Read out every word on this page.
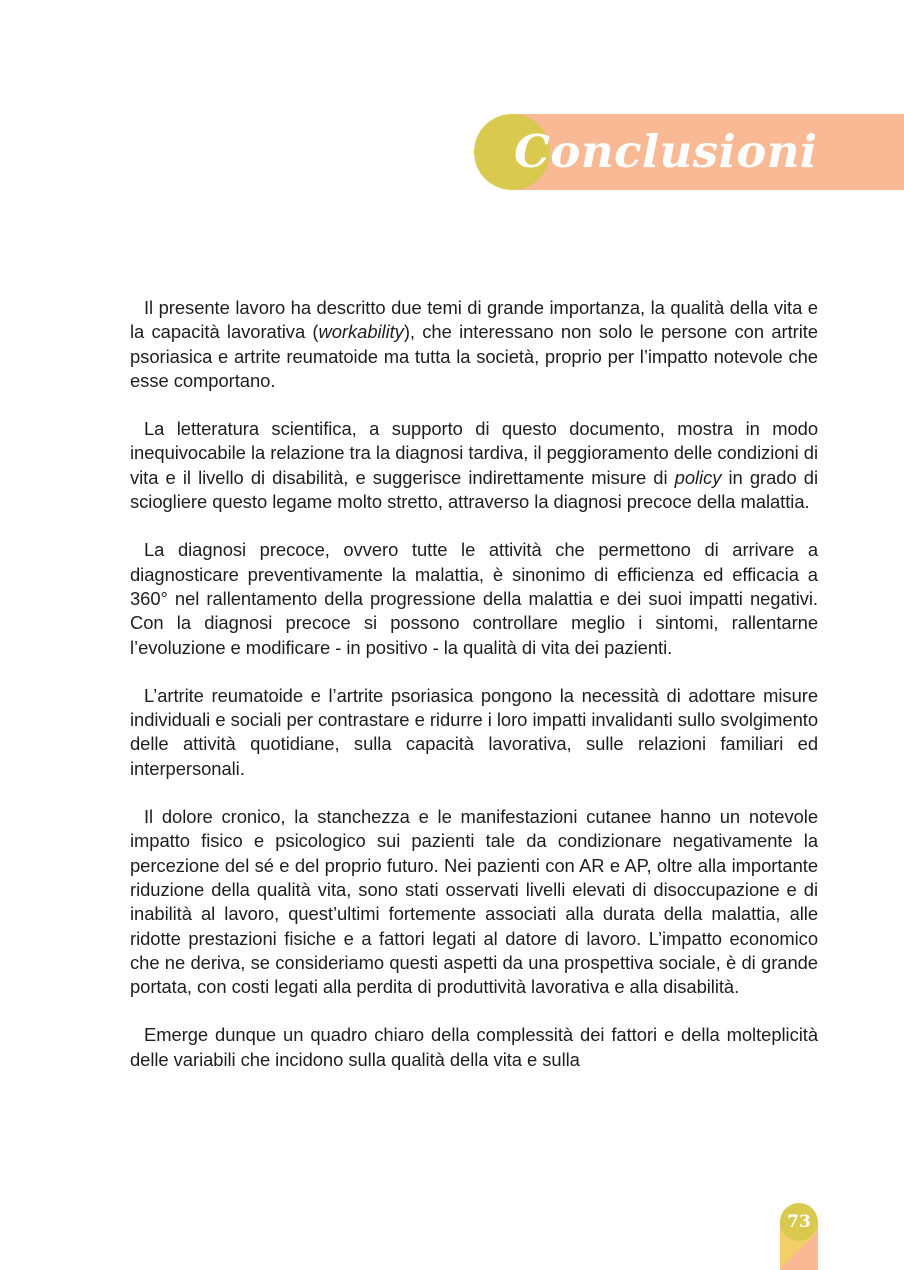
Conclusioni

Il presente lavoro ha descritto due temi di grande importanza, la qualità della vita e la capacità lavorativa (workability), che interessano non solo le persone con artrite psoriasica e artrite reumatoide ma tutta la società, proprio per l’impatto notevole che esse comportano.

La letteratura scientifica, a supporto di questo documento, mostra in modo inequivocabile la relazione tra la diagnosi tardiva, il peggioramento delle condizioni di vita e il livello di disabilità, e suggerisce indirettamente misure di policy in grado di sciogliere questo legame molto stretto, attraverso la diagnosi precoce della malattia.

La diagnosi precoce, ovvero tutte le attività che permettono di arrivare a diagnosticare preventivamente la malattia, è sinonimo di efficienza ed efficacia a 360° nel rallentamento della progressione della malattia e dei suoi impatti negativi. Con la diagnosi precoce si possono controllare meglio i sintomi, rallentarne l’evoluzione e modificare - in positivo - la qualità di vita dei pazienti.

L’artrite reumatoide e l’artrite psoriasica pongono la necessità di adottare misure individuali e sociali per contrastare e ridurre i loro impatti invalidanti sullo svolgimento delle attività quotidiane, sulla capacità lavorativa, sulle relazioni familiari ed interpersonali.

Il dolore cronico, la stanchezza e le manifestazioni cutanee hanno un notevole impatto fisico e psicologico sui pazienti tale da condizionare negativamente la percezione del sé e del proprio futuro. Nei pazienti con AR e AP, oltre alla importante riduzione della qualità vita, sono stati osservati livelli elevati di disoccupazione e di inabilità al lavoro, quest’ultimi fortemente associati alla durata della malattia, alle ridotte prestazioni fisiche e a fattori legati al datore di lavoro. L’impatto economico che ne deriva, se consideriamo questi aspetti da una prospettiva sociale, è di grande portata, con costi legati alla perdita di produttività lavorativa e alla disabilità.

Emerge dunque un quadro chiaro della complessità dei fattori e della molteplicità delle variabili che incidono sulla qualità della vita e sulla

73
